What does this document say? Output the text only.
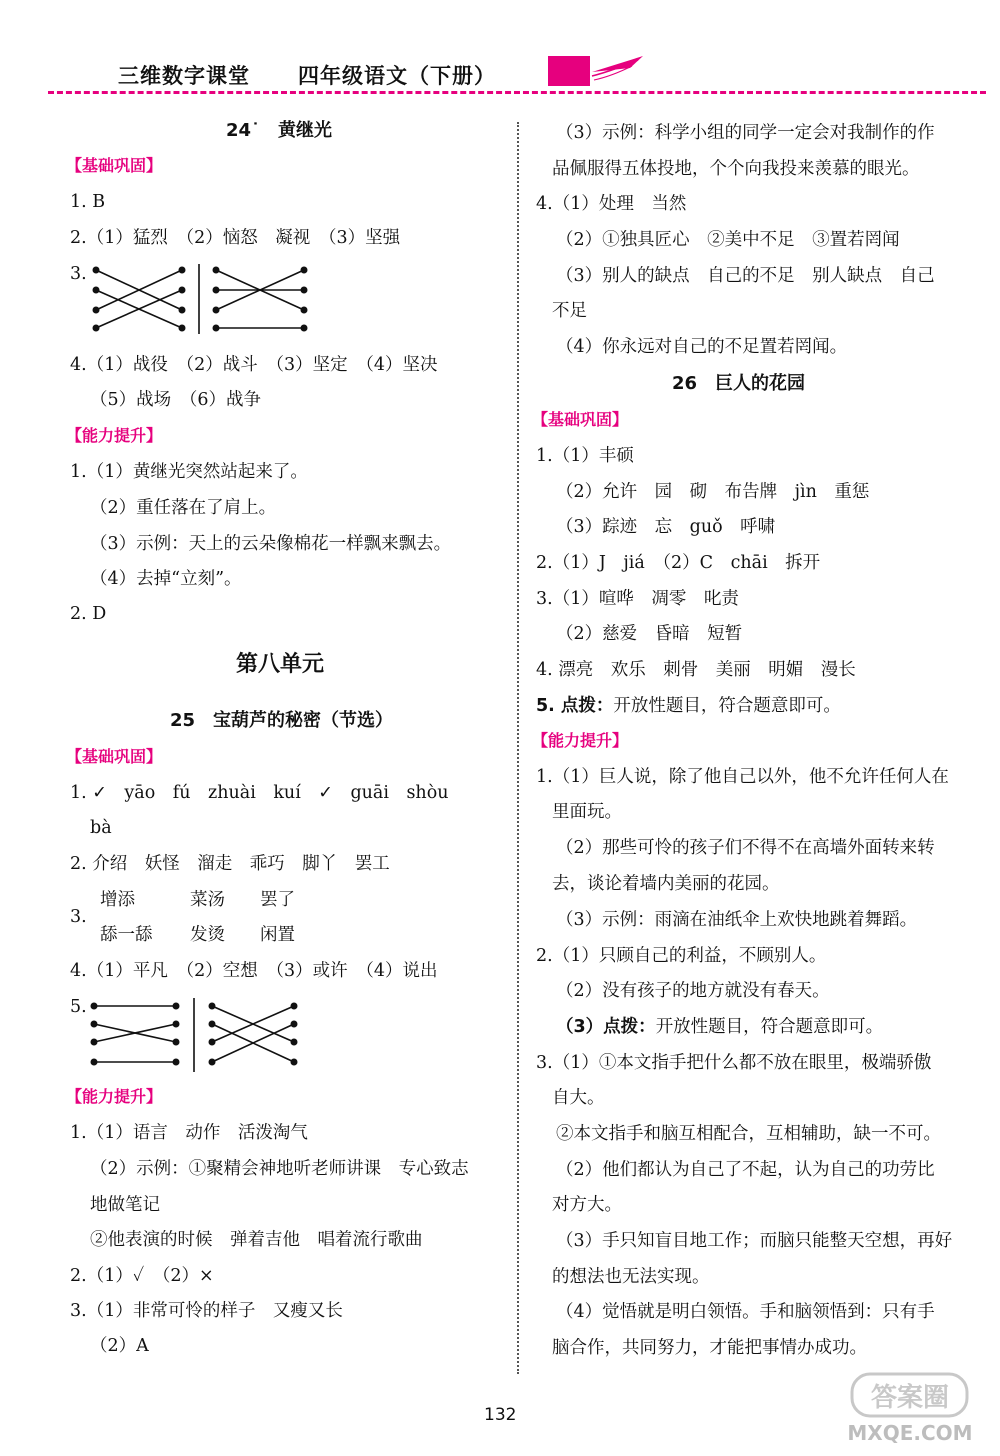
三维数字课堂 四年级语文（下册）
24˙　黄继光
【基础巩固】
1. B
2.（1）猛烈　（2）恼怒　凝视　（3）坚强
3.
4.（1）战役　（2）战斗　（3）坚定　（4）坚决
（5）战场　（6）战争
【能力提升】
1.（1）黄继光突然站起来了。
（2）重任落在了肩上。
（3）示例：天上的云朵像棉花一样飘来飘去。
（4）去掉“立刻”。
2. D
第八单元
25　宝葫芦的秘密（节选）
【基础巩固】
1. ✓　yāo　fú　zhuài　kuí　✓　guāi　shòu
bà
2. 介绍　妖怪　溜走　乖巧　脚丫　罢工
3.
增添	菜汤 罢了
舔一舔 发烫 闲置
4.（1）平凡　（2）空想　（3）或许　（4）说出
5.
【能力提升】
1.（1）语言　动作　活泼淘气
（2）示例：①聚精会神地听老师讲课　专心致志
地做笔记
②他表演的时候　弹着吉他　唱着流行歌曲
2.（1）✓　（2）×
3.（1）非常可怜的样子　又瘦又长
（2）A
（3）示例：科学小组的同学一定会对我制作的作
品佩服得五体投地，个个向我投来羡慕的眼光。
4.（1）处理　当然
（2）①独具匠心　②美中不足　③置若罔闻
（3）别人的缺点　自己的不足　别人缺点　自己
不足
（4）你永远对自己的不足置若罔闻。
26　巨人的花园
【基础巩固】
1.（1）丰硕
（2）允许　园　砌　布告牌　jìn　重惩
（3）踪迹　忘　guǒ　呼啸
2.（1）J　jiá　（2）C　chāi　拆开
3.（1）喧哗　凋零　叱责
（2）慈爱　昏暗　短暂
4. 漂亮　欢乐　刺骨　美丽　明媚　漫长
5. 点拨：开放性题目，符合题意即可。
【能力提升】
1.（1）巨人说，除了他自己以外，他不允许任何人在
里面玩。
（2）那些可怜的孩子们不得不在高墙外面转来转
去，谈论着墙内美丽的花园。
（3）示例：雨滴在油纸伞上欢快地跳着舞蹈。
2.（1）只顾自己的利益，不顾别人。
（2）没有孩子的地方就没有春天。
（3）点拨：开放性题目，符合题意即可。
3.（1）①本文指手把什么都不放在眼里，极端骄傲
自大。
②本文指手和脑互相配合，互相辅助，缺一不可。
（2）他们都认为自己了不起，认为自己的功劳比
对方大。
（3）手只知盲目地工作；而脑只能整天空想，再好
的想法也无法实现。
（4）觉悟就是明白领悟。手和脑领悟到：只有手
脑合作，共同努力，才能把事情办成功。
132
答案圈
MXQE.COM
